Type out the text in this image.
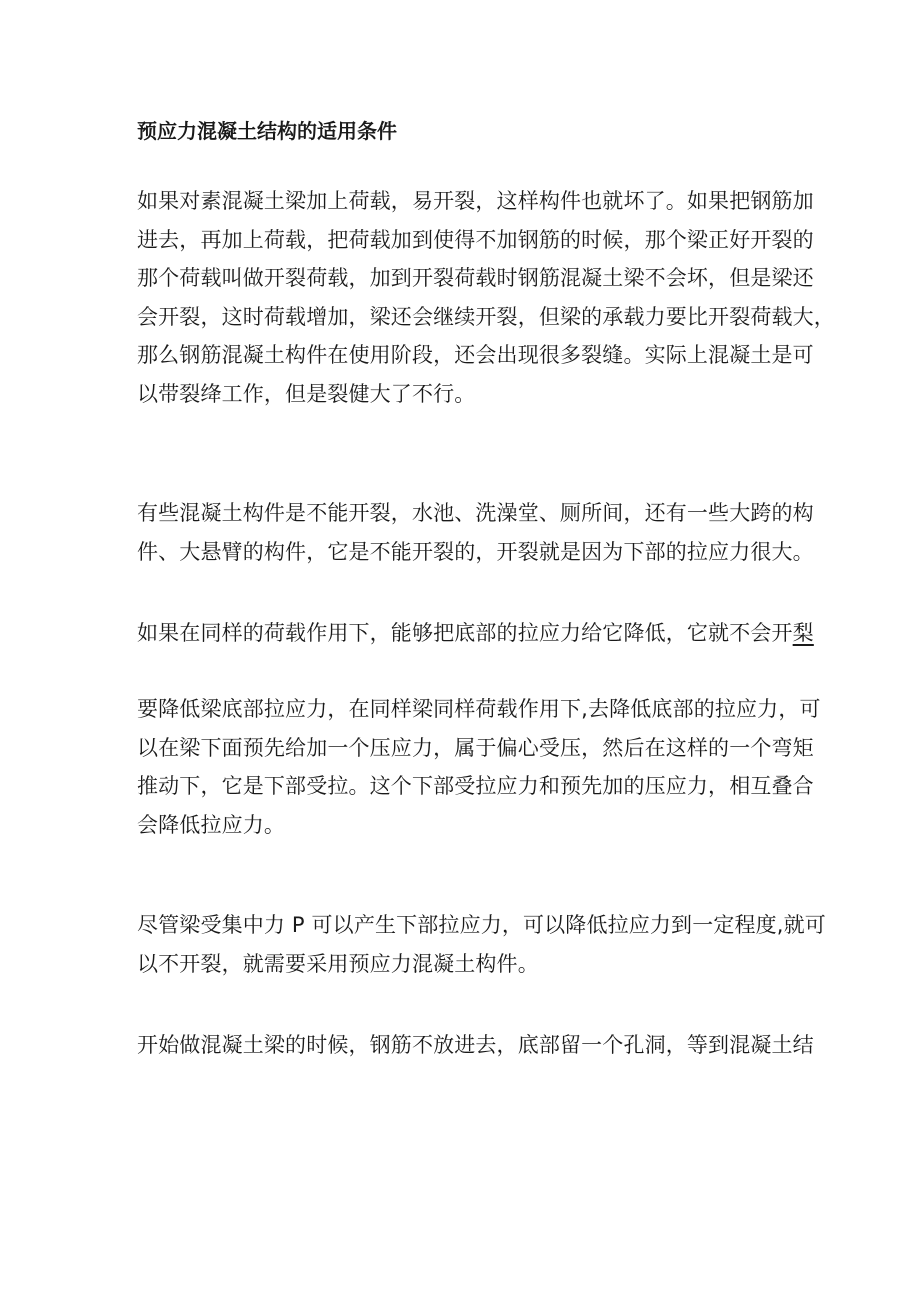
预应力混凝土结构的适用条件

如果对素混凝土梁加上荷载，易开裂，这样构件也就坏了。如果把钢筋加
进去，再加上荷载，把荷载加到使得不加钢筋的时候，那个梁正好开裂的
那个荷载叫做开裂荷载，加到开裂荷载时钢筋混凝土梁不会坏，但是梁还
会开裂，这时荷载增加，梁还会继续开裂，但梁的承载力要比开裂荷载大，
那么钢筋混凝土构件在使用阶段，还会出现很多裂缝。实际上混凝土是可
以带裂绛工作，但是裂健大了不行。

有些混凝土构件是不能开裂，水池、洗澡堂、厕所间，还有一些大跨的构
件、大悬臂的构件，它是不能开裂的，开裂就是因为下部的拉应力很大。

如果在同样的荷载作用下，能够把底部的拉应力给它降低，它就不会开梨

要降低梁底部拉应力，在同样梁同样荷载作用下,去降低底部的拉应力，可
以在梁下面预先给加一个压应力，属于偏心受压，然后在这样的一个弯矩
推动下，它是下部受拉。这个下部受拉应力和预先加的压应力，相互叠合
会降低拉应力。

尽管梁受集中力 P 可以产生下部拉应力，可以降低拉应力到一定程度,就可
以不开裂，就需要采用预应力混凝土构件。

开始做混凝土梁的时候，钢筋不放进去，底部留一个孔洞，等到混凝土结
